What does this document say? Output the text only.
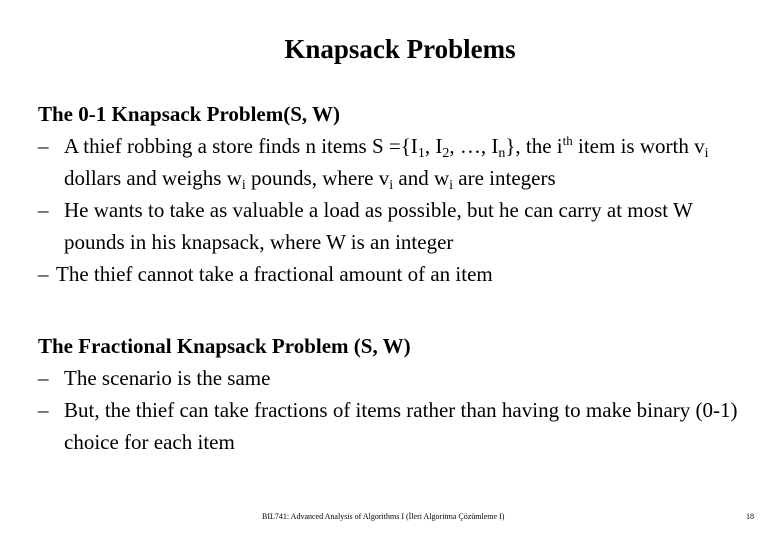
Knapsack Problems
The 0-1 Knapsack Problem(S, W)
– A thief robbing a store finds n items $S =\{I_1$, $I_2$, …, $I_n$}, the $i^{th}$ item is worth $v_i$ dollars and weighs $w_i$ pounds, where $v_i$ and $w_i$ are integers
– He wants to take as valuable a load as possible, but he can carry at most W pounds in his knapsack, where W is an integer
– The thief cannot take a fractional amount of an item
The Fractional Knapsack Problem (S, W)
– The scenario is the same
– But, the thief can take fractions of items rather than having to make binary (0-1) choice for each item
BIL741: Advanced Analysis of Algorithms I (İleri Algoritma Çözümleme I)	18
